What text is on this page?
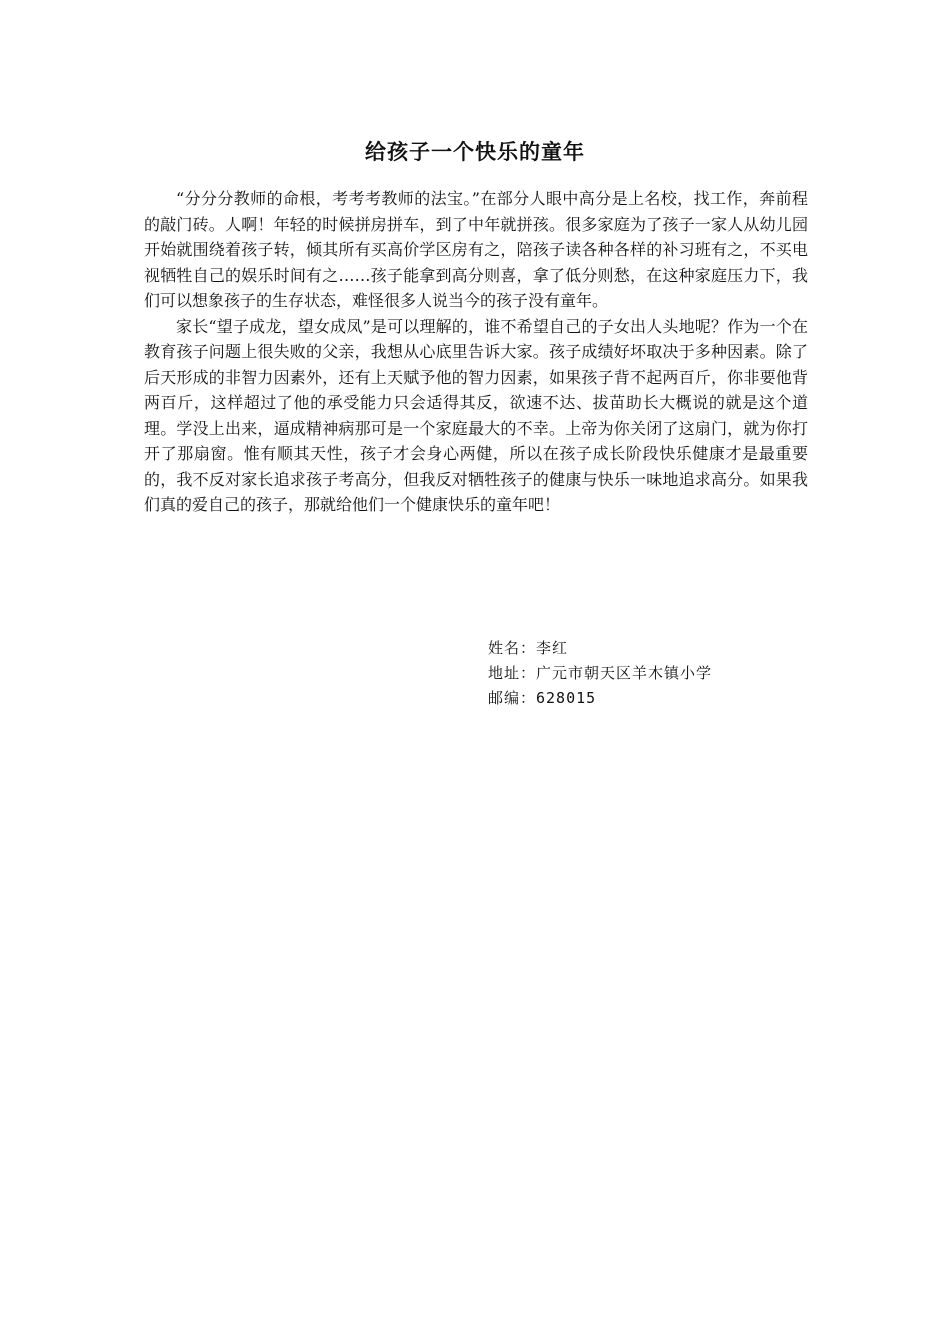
给孩子一个快乐的童年

“分分分教师的命根，考考考教师的法宝。”在部分人眼中高分是上名校，找工作，奔前程的敲门砖。人啊！年轻的时候拼房拼车，到了中年就拼孩。很多家庭为了孩子一家人从幼儿园开始就围绕着孩子转，倾其所有买高价学区房有之，陪孩子读各种各样的补习班有之，不买电视牺牲自己的娱乐时间有之……孩子能拿到高分则喜，拿了低分则愁，在这种家庭压力下，我们可以想象孩子的生存状态，难怪很多人说当今的孩子没有童年。

家长“望子成龙，望女成凤”是可以理解的，谁不希望自己的子女出人头地呢？作为一个在教育孩子问题上很失败的父亲，我想从心底里告诉大家。孩子成绩好坏取决于多种因素。除了后天形成的非智力因素外，还有上天赋予他的智力因素，如果孩子背不起两百斤，你非要他背两百斤，这样超过了他的承受能力只会适得其反，欲速不达、拔苗助长大概说的就是这个道理。学没上出来，逼成精神病那可是一个家庭最大的不幸。上帝为你关闭了这扇门，就为你打开了那扇窗。惟有顺其天性，孩子才会身心两健，所以在孩子成长阶段快乐健康才是最重要的，我不反对家长追求孩子考高分，但我反对牺牲孩子的健康与快乐一味地追求高分。如果我们真的爱自己的孩子，那就给他们一个健康快乐的童年吧！

姓名：李红
地址：广元市朝天区羊木镇小学
邮编：628015
